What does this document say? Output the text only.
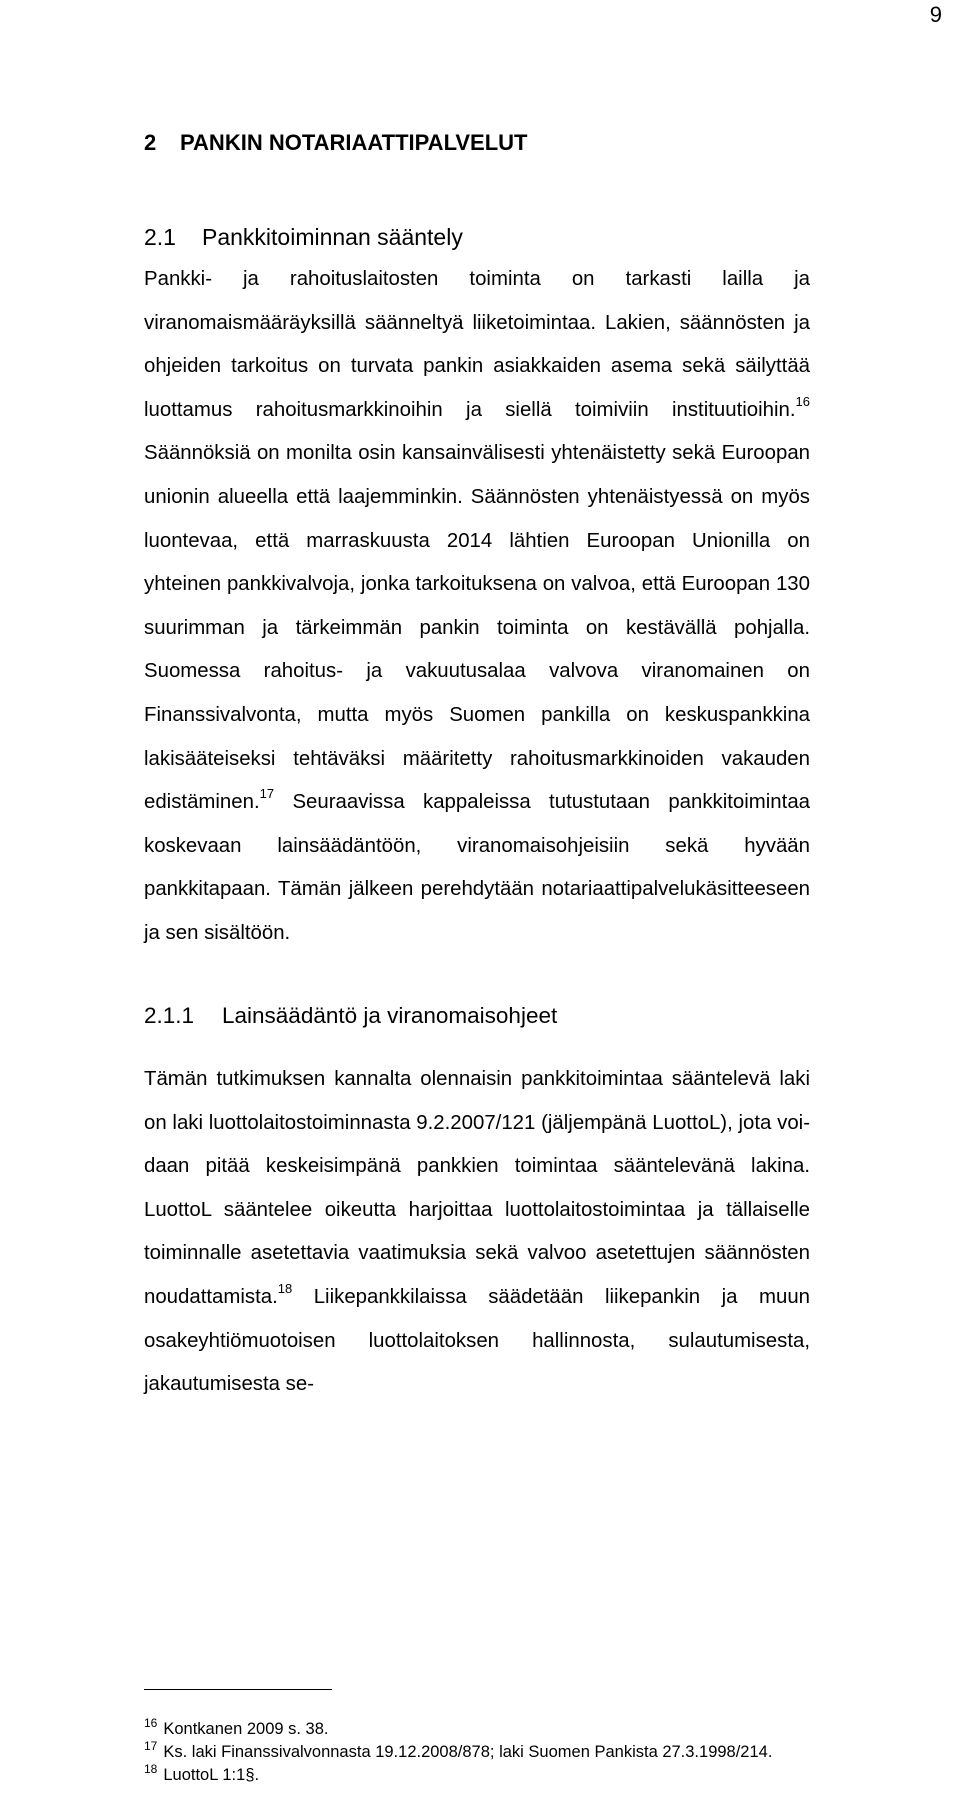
9
2 PANKIN NOTARIAATTIPALVELUT
2.1 Pankkitoiminnan sääntely

Pankki- ja rahoituslaitosten toiminta on tarkasti lailla ja viranomaismääräyksillä säänneltyä liiketoimintaa. Lakien, säännösten ja ohjeiden tarkoitus on turvata pankin asiakkaiden asema sekä säilyttää luottamus rahoitusmarkkinoihin ja siellä toimiviin instituutioihin.$^{16}$ Säännöksiä on monilta osin kansainvälisesti yhtenäistetty sekä Euroopan unionin alueella että laajemminkin. Säännösten yhtenäistyessä on myös luontevaa, että marraskuusta 2014 lähtien Euroopan Unionilla on yhteinen pankkivalvoja, jonka tarkoituksena on valvoa, että Euroopan 130 suurimman ja tärkeimmän pankin toiminta on kestävällä pohjalla. Suomessa rahoitus- ja vakuutusalaa valvova viranomainen on Finanssivalvonta, mutta myös Suomen pankilla on keskuspankkina lakisääteiseksi tehtäväksi määritetty rahoitusmarkkinoiden vakauden edistäminen.$^{17}$ Seuraavissa kappaleissa tutustutaan pankkitoimintaa koskevaan lainsäädäntöön, viranomaisohjeisiin sekä hyvään pankkitapaan. Tämän jälkeen perehdytään notariaattipalvelukäsitteeseen ja sen sisältöön.

2.1.1 Lainsäädäntö ja viranomaisohjeet

Tämän tutkimuksen kannalta olennaisin pankkitoimintaa sääntelevä laki on laki luottolaitostoiminnasta 9.2.2007/121 (jäljempänä LuottoL), jota voidaan pitää keskeisimpänä pankkien toimintaa sääntelevänä lakina. LuottoL sääntelee oikeutta harjoittaa luottolaitostoimintaa ja tällaiselle toiminnalle asetettavia vaatimuksia sekä valvoo asetettujen säännösten noudattamista.$^{18}$ Liikepankkilaissa säädetään liikepankin ja muun osakeyhtiömuotoisen luottolaitoksen hallinnosta, sulautumisesta, jakautumisesta se-

$^{16}$ Kontkanen 2009 s. 38.
$^{17}$ Ks. laki Finanssivalvonnasta 19.12.2008/878; laki Suomen Pankista 27.3.1998/214.
$^{18}$ LuottoL 1:1§.
